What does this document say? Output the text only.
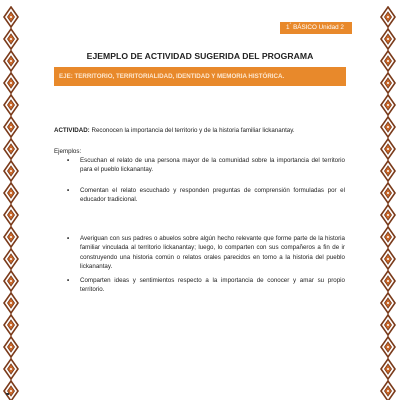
1° BÁSICO Unidad 2
EJEMPLO DE ACTIVIDAD SUGERIDA DEL PROGRAMA
EJE: TERRITORIO, TERRITORIALIDAD, IDENTIDAD Y MEMORIA HISTÓRICA.
ACTIVIDAD: Reconocen la importancia del territorio y de la historia familiar lickanantay.
Ejemplos:
• Escuchan el relato de una persona mayor de la comunidad sobre la importancia del territorio para el pueblo lickanantay.
• Comentan el relato escuchado y responden preguntas de comprensión formuladas por el educador tradicional.
• Averiguan con sus padres o abuelos sobre algún hecho relevante que forme parte de la historia familiar vinculada al territorio lickanantay; luego, lo comparten con sus compañeros a fin de ir construyendo una historia común o relatos orales parecidos en torno a la historia del pueblo lickanantay.
• Comparten ideas y sentimientos respecto a la importancia de conocer y amar su propio territorio.
